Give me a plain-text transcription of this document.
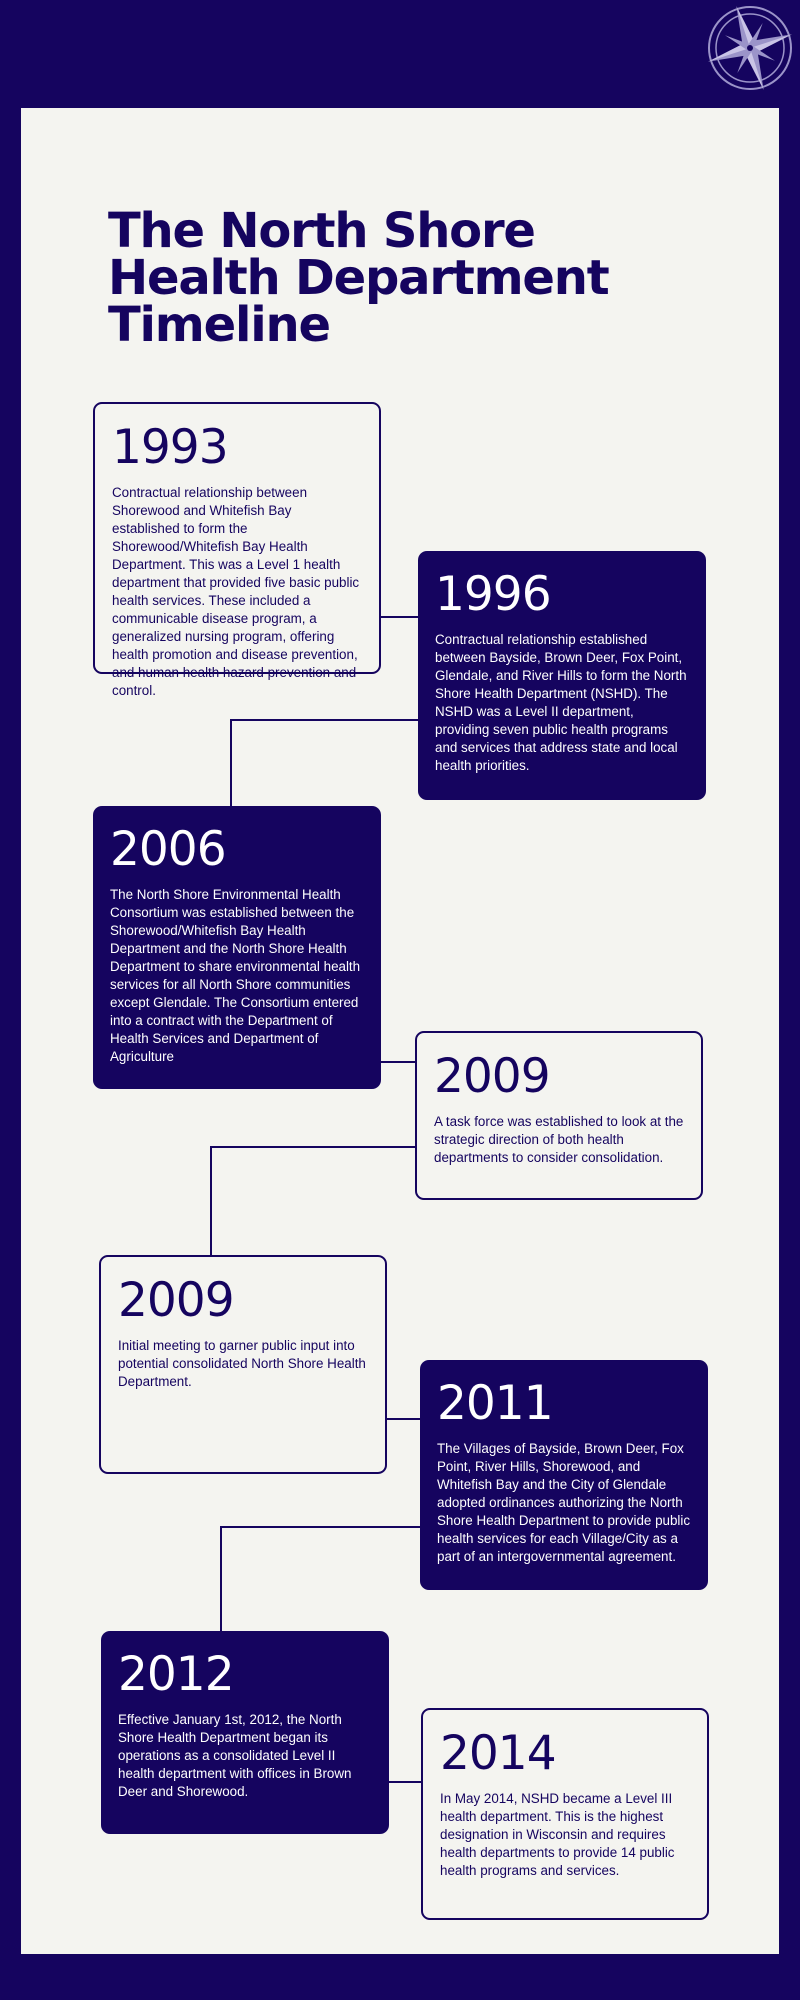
The North Shore Health Department Timeline
1993
Contractual relationship between Shorewood and Whitefish Bay established to form the Shorewood/Whitefish Bay Health Department. This was a Level 1 health department that provided five basic public health services. These included a communicable disease program, a generalized nursing program, offering health promotion and disease prevention, and human health hazard prevention and control.
1996
Contractual relationship established between Bayside, Brown Deer, Fox Point, Glendale, and River Hills to form the North Shore Health Department (NSHD). The NSHD was a Level II department, providing seven public health programs and services that address state and local health priorities.
2006
The North Shore Environmental Health Consortium was established between the Shorewood/Whitefish Bay Health Department and the North Shore Health Department to share environmental health services for all North Shore communities except Glendale. The Consortium entered into a contract with the Department of Health Services and Department of Agriculture	2009
A task force was established to look at the strategic direction of both health departments to consider consolidation.
2009
Initial meeting to garner public input into potential consolidated North Shore Health Department.	2011
The Villages of Bayside, Brown Deer, Fox Point, River Hills, Shorewood, and Whitefish Bay and the City of Glendale adopted ordinances authorizing the North Shore Health Department to provide public health services for each Village/City as a part of an intergovernmental agreement.
2012
Effective January 1st, 2012, the North Shore Health Department began its operations as a consolidated Level II health department with offices in Brown Deer and Shorewood.
2014
In May 2014, NSHD became a Level III health department. This is the highest designation in Wisconsin and requires health departments to provide 14 public health programs and services.
